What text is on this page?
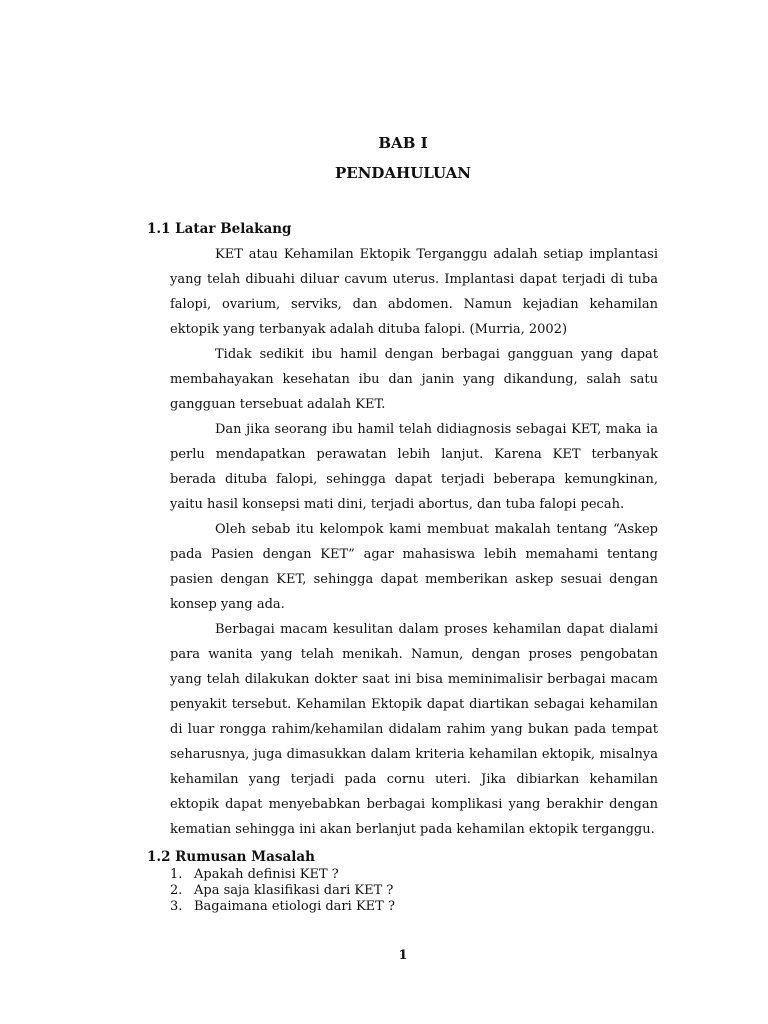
BAB I
PENDAHULUAN
1.1 Latar Belakang

KET atau Kehamilan Ektopik Terganggu adalah setiap implantasi yang telah dibuahi diluar cavum uterus. Implantasi dapat terjadi di tuba falopi, ovarium, serviks, dan abdomen. Namun kejadian kehamilan ektopik yang terbanyak adalah dituba falopi. (Murria, 2002)

Tidak sedikit ibu hamil dengan berbagai gangguan yang dapat membahayakan kesehatan ibu dan janin yang dikandung, salah satu gangguan tersebuat adalah KET.

Dan jika seorang ibu hamil telah didiagnosis sebagai KET, maka ia perlu mendapatkan perawatan lebih lanjut. Karena KET terbanyak berada dituba falopi, sehingga dapat terjadi beberapa kemungkinan, yaitu hasil konsepsi mati dini, terjadi abortus, dan tuba falopi pecah.

Oleh sebab itu kelompok kami membuat makalah tentang “Askep pada Pasien dengan KET” agar mahasiswa lebih memahami tentang pasien dengan KET, sehingga dapat memberikan askep sesuai dengan konsep yang ada.

Berbagai macam kesulitan dalam proses kehamilan dapat dialami para wanita yang telah menikah. Namun, dengan proses pengobatan yang telah dilakukan dokter saat ini bisa meminimalisir berbagai macam penyakit tersebut. Kehamilan Ektopik dapat diartikan sebagai kehamilan di luar rongga rahim/kehamilan didalam rahim yang bukan pada tempat seharusnya, juga dimasukkan dalam kriteria kehamilan ektopik, misalnya kehamilan yang terjadi pada cornu uteri. Jika dibiarkan kehamilan ektopik dapat menyebabkan berbagai komplikasi yang berakhir dengan kematian sehingga ini akan berlanjut pada kehamilan ektopik terganggu.

1.2 Rumusan Masalah
1. Apakah definisi KET ?
2. Apa saja klasifikasi dari KET ?
3. Bagaimana etiologi dari KET ?
1
